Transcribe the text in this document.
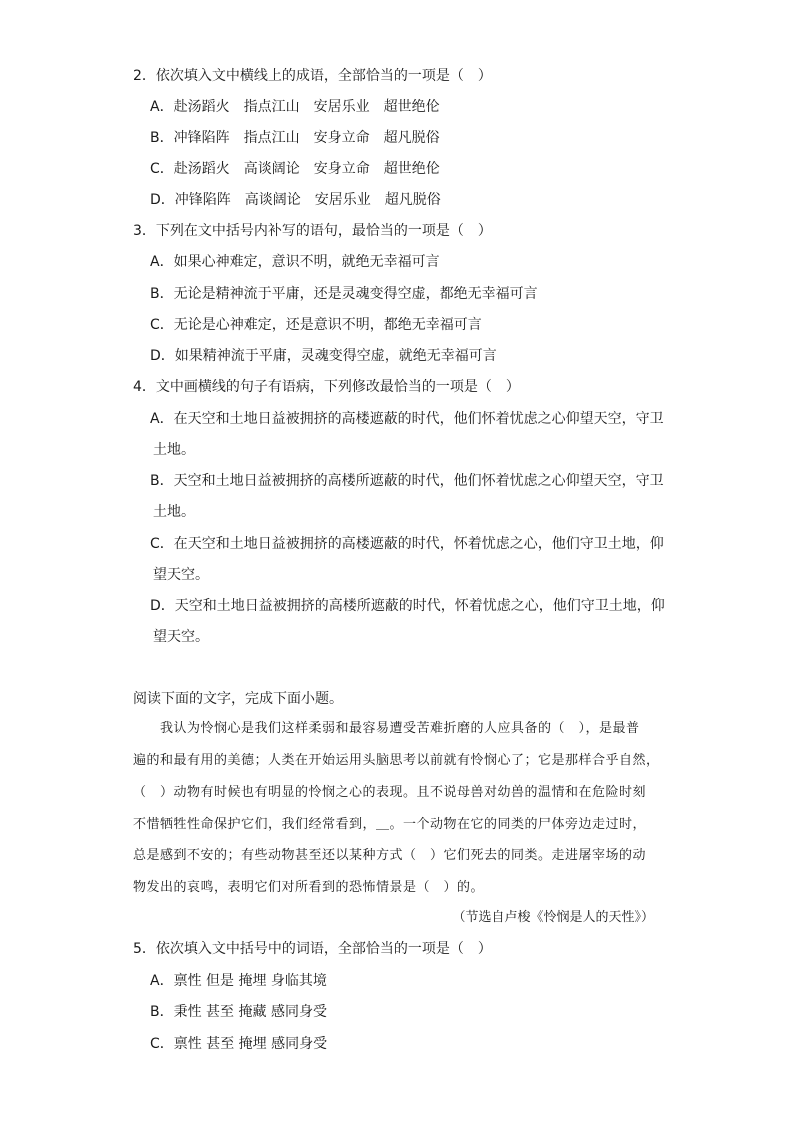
2．依次填入文中横线上的成语，全部恰当的一项是（　）
A．赴汤蹈火　指点江山　安居乐业　超世绝伦
B．冲锋陷阵　指点江山　安身立命　超凡脱俗
C．赴汤蹈火　高谈阔论　安身立命　超世绝伦
D．冲锋陷阵　高谈阔论　安居乐业　超凡脱俗
3．下列在文中括号内补写的语句，最恰当的一项是（　）
A．如果心神难定，意识不明，就绝无幸福可言
B．无论是精神流于平庸，还是灵魂变得空虚，都绝无幸福可言
C．无论是心神难定，还是意识不明，都绝无幸福可言
D．如果精神流于平庸，灵魂变得空虚，就绝无幸福可言
4．文中画横线的句子有语病，下列修改最恰当的一项是（　）
A．在天空和土地日益被拥挤的高楼遮蔽的时代，他们怀着忧虑之心仰望天空，守卫
土地。
B．天空和土地日益被拥挤的高楼所遮蔽的时代，他们怀着忧虑之心仰望天空，守卫
土地。
C．在天空和土地日益被拥挤的高楼遮蔽的时代，怀着忧虑之心，他们守卫土地，仰
望天空。
D．天空和土地日益被拥挤的高楼所遮蔽的时代，怀着忧虑之心，他们守卫土地，仰
望天空。
阅读下面的文字，完成下面小题。
　　我认为怜悯心是我们这样柔弱和最容易遭受苦难折磨的人应具备的（　），是最普
遍的和最有用的美德；人类在开始运用头脑思考以前就有怜悯心了；它是那样合乎自然，
（　）动物有时候也有明显的怜悯之心的表现。且不说母兽对幼兽的温情和在危险时刻
不惜牺牲性命保护它们，我们经常看到，＿。一个动物在它的同类的尸体旁边走过时，
总是感到不安的；有些动物甚至还以某种方式（　）它们死去的同类。走进屠宰场的动
物发出的哀鸣，表明它们对所看到的恐怖情景是（　）的。
（节选自卢梭《怜悯是人的天性》）
5．依次填入文中括号中的词语，全部恰当的一项是（　）
A．禀性 但是 掩埋 身临其境
B．秉性 甚至 掩藏 感同身受
C．禀性 甚至 掩埋 感同身受
